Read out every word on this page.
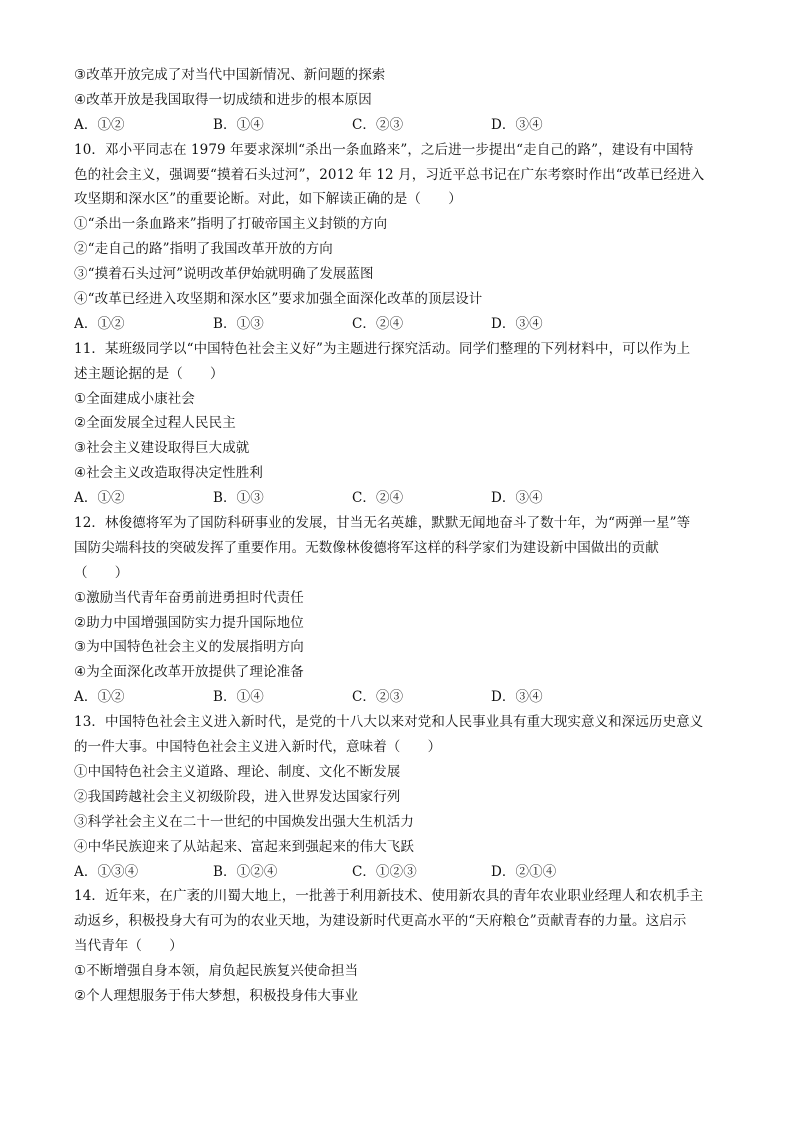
③改革开放完成了对当代中国新情况、新问题的探索
④改革开放是我国取得一切成绩和进步的根本原因
A．①②	B．①④	C．②③	D．③④
10．邓小平同志在 1979 年要求深圳“杀出一条血路来”，之后进一步提出“走自己的路”，建设有中国特
色的社会主义，强调要“摸着石头过河”，2012 年 12 月，习近平总书记在广东考察时作出“改革已经进入
攻坚期和深水区”的重要论断。对此，如下解读正确的是（　　）
①“杀出一条血路来”指明了打破帝国主义封锁的方向
②“走自己的路”指明了我国改革开放的方向
③“摸着石头过河”说明改革伊始就明确了发展蓝图
④“改革已经进入攻坚期和深水区”要求加强全面深化改革的顶层设计
A．①②	B．①③	C．②④	D．③④
11．某班级同学以“中国特色社会主义好”为主题进行探究活动。同学们整理的下列材料中，可以作为上
述主题论据的是（　　）
①全面建成小康社会
②全面发展全过程人民民主
③社会主义建设取得巨大成就
④社会主义改造取得决定性胜利
A．①②	B．①③	C．②④	D．③④
12．林俊德将军为了国防科研事业的发展，甘当无名英雄，默默无闻地奋斗了数十年，为“两弹一星”等
国防尖端科技的突破发挥了重要作用。无数像林俊德将军这样的科学家们为建设新中国做出的贡献
（　　）
①激励当代青年奋勇前进勇担时代责任
②助力中国增强国防实力提升国际地位
③为中国特色社会主义的发展指明方向
④为全面深化改革开放提供了理论准备
A．①②	B．①④	C．②③	D．③④
13．中国特色社会主义进入新时代，是党的十八大以来对党和人民事业具有重大现实意义和深远历史意义
的一件大事。中国特色社会主义进入新时代，意味着（　　）
①中国特色社会主义道路、理论、制度、文化不断发展
②我国跨越社会主义初级阶段，进入世界发达国家行列
③科学社会主义在二十一世纪的中国焕发出强大生机活力
④中华民族迎来了从站起来、富起来到强起来的伟大飞跃
A．①③④	B．①②④	C．①②③	D．②①④
14．近年来，在广袤的川蜀大地上，一批善于利用新技术、使用新农具的青年农业职业经理人和农机手主
动返乡，积极投身大有可为的农业天地，为建设新时代更高水平的“天府粮仓”贡献青春的力量。这启示
当代青年（　　）
①不断增强自身本领，肩负起民族复兴使命担当
②个人理想服务于伟大梦想，积极投身伟大事业
